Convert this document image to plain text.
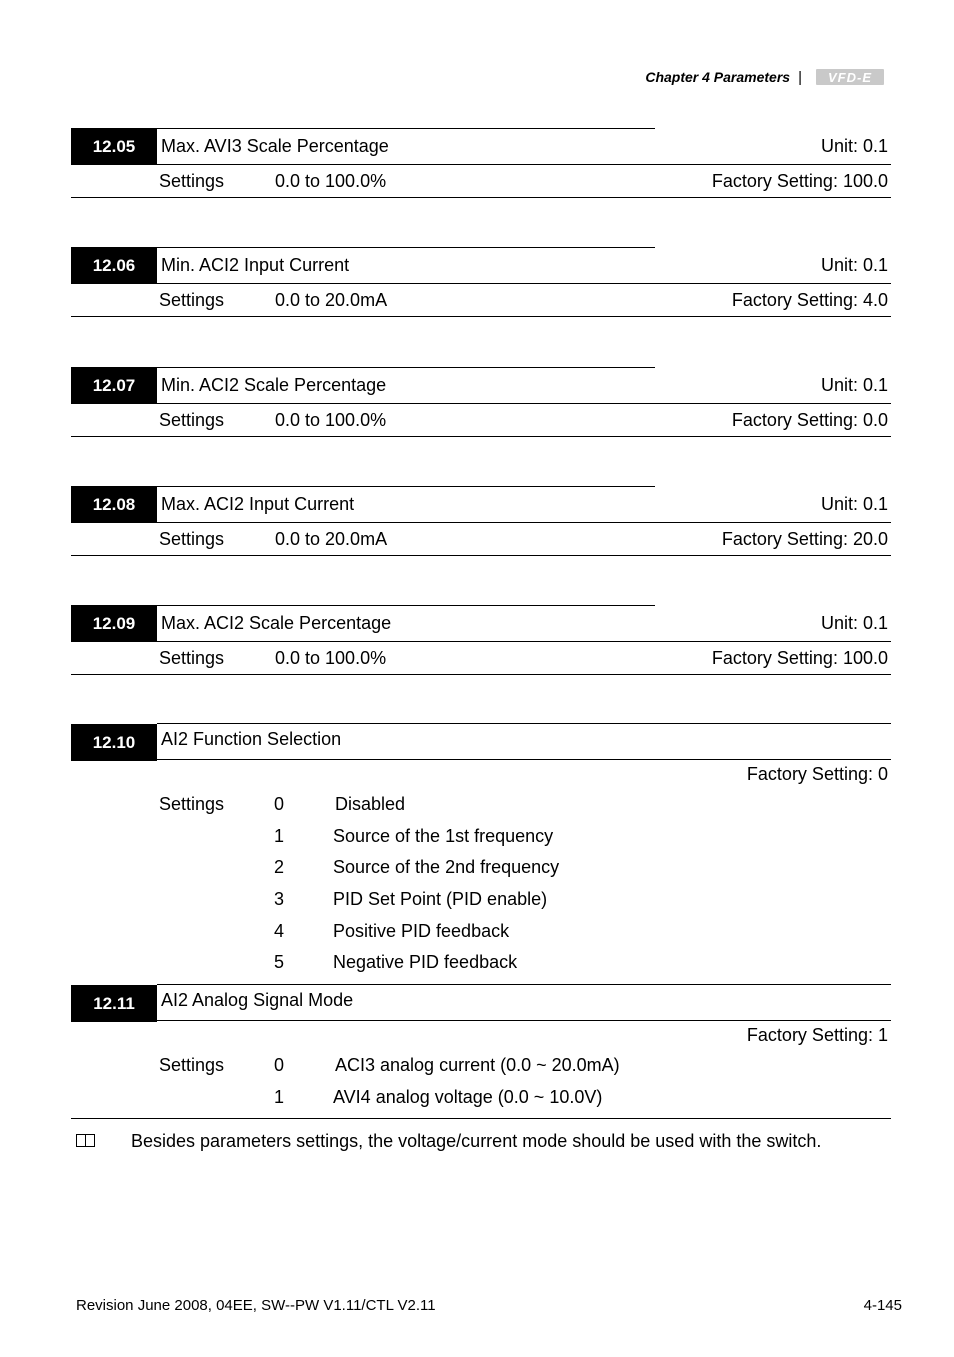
Chapter 4 Parameters |	VFD-E
12.05	Max. AVI3 Scale Percentage	Unit: 0.1
Settings	0.0 to 100.0%	Factory Setting: 100.0
12.06	Min. ACI2 Input Current	Unit: 0.1
Settings	0.0 to 20.0mA	Factory Setting: 4.0
12.07	Min. ACI2 Scale Percentage	Unit: 0.1
Settings	0.0 to 100.0%	Factory Setting: 0.0
12.08	Max. ACI2 Input Current	Unit: 0.1
Settings	0.0 to 20.0mA	Factory Setting: 20.0
12.09	Max. ACI2 Scale Percentage	Unit: 0.1
Settings	0.0 to 100.0%	Factory Setting: 100.0
12.10	AI2 Function Selection
Factory Setting: 0
Settings	0	Disabled
1	Source of the 1st frequency
2	Source of the 2nd frequency
3	PID Set Point (PID enable)
4	Positive PID feedback
5	Negative PID feedback
12.11	AI2 Analog Signal Mode
Factory Setting: 1
Settings	0	ACI3 analog current (0.0 ~ 20.0mA)
1	AVI4 analog voltage (0.0 ~ 10.0V)
Besides parameters settings, the voltage/current mode should be used with the switch.
Revision June 2008, 04EE, SW--PW V1.11/CTL V2.11	4-145
